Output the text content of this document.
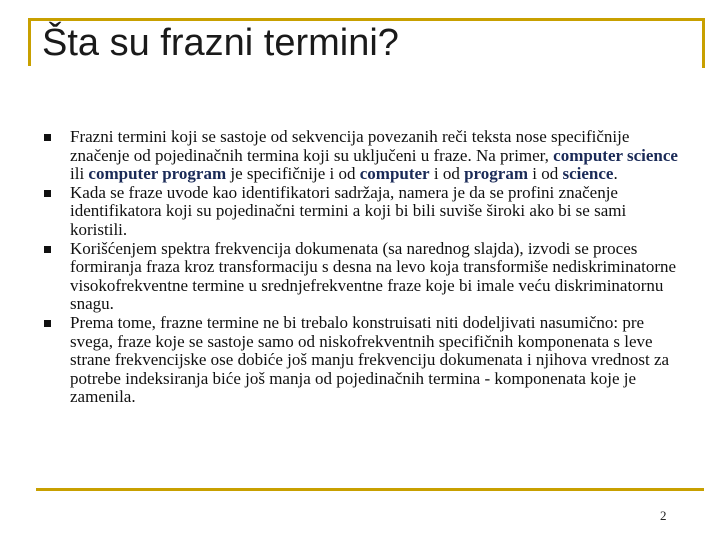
Šta su frazni termini?
Frazni termini koji se sastoje od sekvencija povezanih reči teksta nose specifičnije značenje od pojedinačnih termina koji su uključeni u fraze. Na primer, computer science ili computer program je specifičnije i od computer i od program i od science.
Kada se fraze uvode kao identifikatori sadržaja, namera je da se profini značenje identifikatora koji su pojedinačni termini a koji bi bili suviše široki ako bi se sami koristili.
Korišćenjem spektra frekvencija dokumenata (sa narednog slajda), izvodi se proces formiranja fraza kroz transformaciju s desna na levo koja transformiše nediskriminatorne visokofrekventne termine u srednjefrekventne fraze koje bi imale veću diskriminatornu snagu.
Prema tome, frazne termine ne bi trebalo konstruisati niti dodeljivati nasumično: pre svega, fraze koje se sastoje samo od niskofrekventnih specifičnih komponenata s leve strane frekvencijske ose dobiće još manju frekvenciju dokumenata i njihova vrednost za potrebe indeksiranja biće još manja od pojedinačnih termina - komponenata koje je zamenila.
2
